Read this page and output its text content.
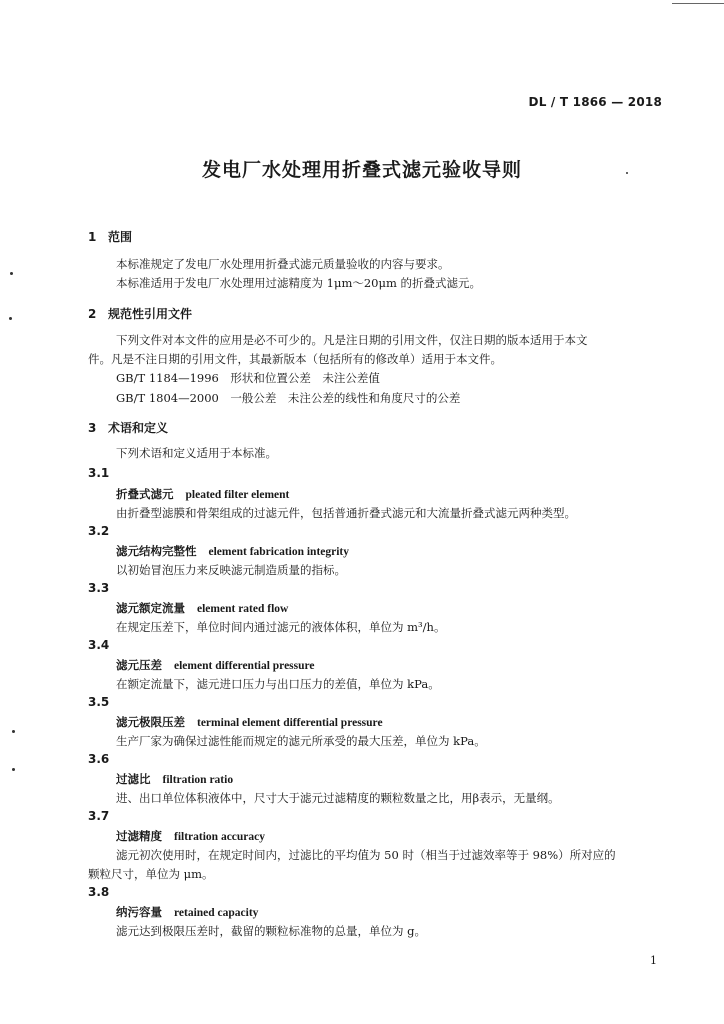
DL / T 1866 — 2018
发电厂水处理用折叠式滤元验收导则
1 范围
本标准规定了发电厂水处理用折叠式滤元质量验收的内容与要求。
本标准适用于发电厂水处理用过滤精度为 1μm～20μm 的折叠式滤元。
2 规范性引用文件
下列文件对本文件的应用是必不可少的。凡是注日期的引用文件，仅注日期的版本适用于本文
件。凡是不注日期的引用文件，其最新版本（包括所有的修改单）适用于本文件。
GB/T 1184—1996　形状和位置公差　未注公差值
GB/T 1804—2000　一般公差　未注公差的线性和角度尺寸的公差
3 术语和定义
下列术语和定义适用于本标准。
3.1
折叠式滤元 pleated filter element
由折叠型滤膜和骨架组成的过滤元件，包括普通折叠式滤元和大流量折叠式滤元两种类型。
3.2
滤元结构完整性 element fabrication integrity
以初始冒泡压力来反映滤元制造质量的指标。
3.3
滤元额定流量 element rated flow
在规定压差下，单位时间内通过滤元的液体体积，单位为 m³/h。
3.4
滤元压差 element differential pressure
在额定流量下，滤元进口压力与出口压力的差值，单位为 kPa。
3.5
滤元极限压差 terminal element differential pressure
生产厂家为确保过滤性能而规定的滤元所承受的最大压差，单位为 kPa。
3.6
过滤比 filtration ratio
进、出口单位体积液体中，尺寸大于滤元过滤精度的颗粒数量之比，用β表示，无量纲。
3.7
过滤精度 filtration accuracy
滤元初次使用时，在规定时间内，过滤比的平均值为 50 时（相当于过滤效率等于 98%）所对应的
颗粒尺寸，单位为 μm。
3.8
纳污容量 retained capacity
滤元达到极限压差时，截留的颗粒标准物的总量，单位为 g。
1
